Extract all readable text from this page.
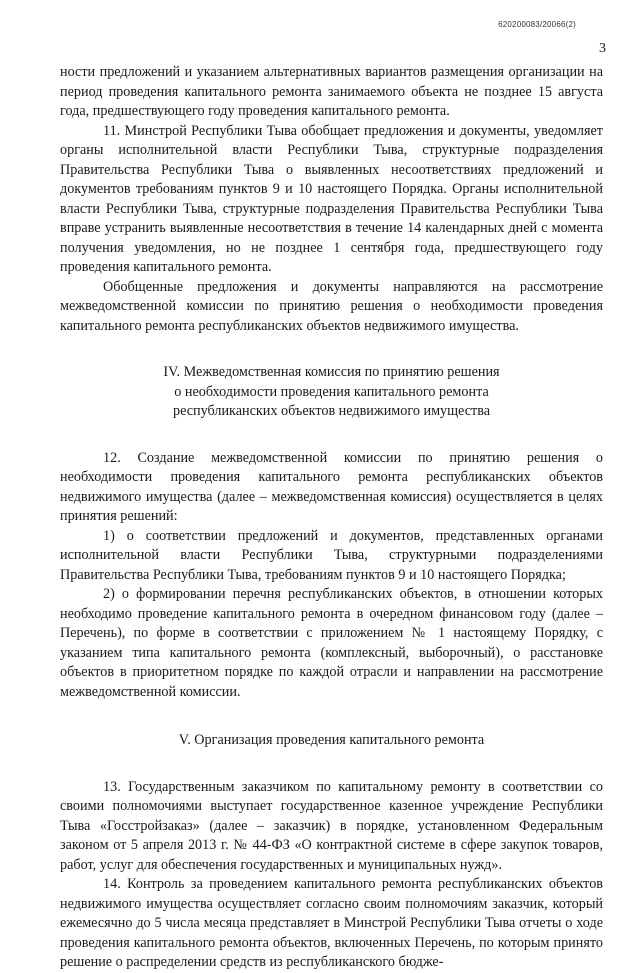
620200083/20066(2)
3

ности предложений и указанием альтернативных вариантов размещения организации на период проведения капитального ремонта занимаемого объекта не позднее 15 августа года, предшествующего году проведения капитального ремонта.

11. Минстрой Республики Тыва обобщает предложения и документы, уведомляет органы исполнительной власти Республики Тыва, структурные подразделения Правительства Республики Тыва о выявленных несоответствиях предложений и документов требованиям пунктов 9 и 10 настоящего Порядка. Органы исполнительной власти Республики Тыва, структурные подразделения Правительства Республики Тыва вправе устранить выявленные несоответствия в течение 14 календарных дней с момента получения уведомления, но не позднее 1 сентября года, предшествующего году проведения капитального ремонта.

Обобщенные предложения и документы направляются на рассмотрение межведомственной комиссии по принятию решения о необходимости проведения капитального ремонта республиканских объектов недвижимого имущества.

IV. Межведомственная комиссия по принятию решения
о необходимости проведения капитального ремонта
республиканских объектов недвижимого имущества

12. Создание межведомственной комиссии по принятию решения о необходимости проведения капитального ремонта республиканских объектов недвижимого имущества (далее – межведомственная комиссия) осуществляется в целях принятия решений:

1) о соответствии предложений и документов, представленных органами исполнительной власти Республики Тыва, структурными подразделениями Правительства Республики Тыва, требованиям пунктов 9 и 10 настоящего Порядка;

2) о формировании перечня республиканских объектов, в отношении которых необходимо проведение капитального ремонта в очередном финансовом году (далее – Перечень), по форме в соответствии с приложением № 1 настоящему Порядку, с указанием типа капитального ремонта (комплексный, выборочный), о расстановке объектов в приоритетном порядке по каждой отрасли и направлении на рассмотрение межведомственной комиссии.

V. Организация проведения капитального ремонта

13. Государственным заказчиком по капитальному ремонту в соответствии со своими полномочиями выступает государственное казенное учреждение Республики Тыва «Госстройзаказ» (далее – заказчик) в порядке, установленном Федеральным законом от 5 апреля 2013 г. № 44-ФЗ «О контрактной системе в сфере закупок товаров, работ, услуг для обеспечения государственных и муниципальных нужд».

14. Контроль за проведением капитального ремонта республиканских объектов недвижимого имущества осуществляет согласно своим полномочиям заказчик, который ежемесячно до 5 числа месяца представляет в Минстрой Республики Тыва отчеты о ходе проведения капитального ремонта объектов, включенных Перечень, по которым принято решение о распределении средств из республиканского бюдже-
